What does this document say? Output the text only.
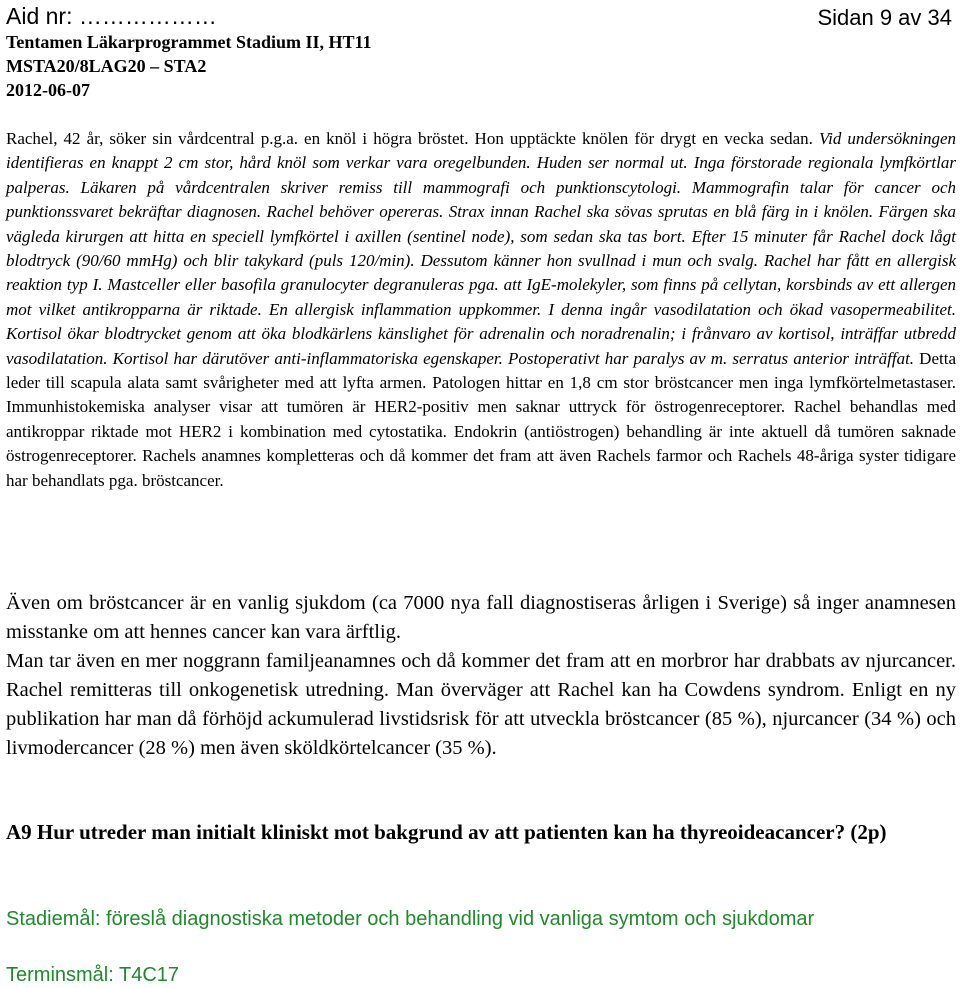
Aid nr: ………………	Sidan 9 av 34
Tentamen Läkarprogrammet Stadium II, HT11
MSTA20/8LAG20 – STA2
2012-06-07

Rachel, 42 år, söker sin vårdcentral p.g.a. en knöl i högra bröstet. Hon upptäckte knölen för drygt en vecka sedan. Vid undersökningen identifieras en knappt 2 cm stor, hård knöl som verkar vara oregelbunden. Huden ser normal ut. Inga förstorade regionala lymfkörtlar palperas. Läkaren på vårdcentralen skriver remiss till mammografi och punktionscytologi. Mammografin talar för cancer och punktionssvaret bekräftar diagnosen. Rachel behöver opereras. Strax innan Rachel ska sövas sprutas en blå färg in i knölen. Färgen ska vägleda kirurgen att hitta en speciell lymfkörtel i axillen (sentinel node), som sedan ska tas bort. Efter 15 minuter får Rachel dock lågt blodtryck (90/60 mmHg) och blir takykard (puls 120/min). Dessutom känner hon svullnad i mun och svalg. Rachel har fått en allergisk reaktion typ I. Mastceller eller basofila granulocyter degranuleras pga. att IgE-molekyler, som finns på cellytan, korsbinds av ett allergen mot vilket antikropparna är riktade. En allergisk inflammation uppkommer. I denna ingår vasodilatation och ökad vasopermeabilitet. Kortisol ökar blodtrycket genom att öka blodkärlens känslighet för adrenalin och noradrenalin; i frånvaro av kortisol, inträffar utbredd vasodilatation. Kortisol har därutöver anti-inflammatoriska egenskaper. Postoperativt har paralys av m. serratus anterior inträffat. Detta leder till scapula alata samt svårigheter med att lyfta armen. Patologen hittar en 1,8 cm stor bröstcancer men inga lymfkörtelmetastaser. Immunhistokemiska analyser visar att tumören är HER2-positiv men saknar uttryck för östrogenreceptorer. Rachel behandlas med antikroppar riktade mot HER2 i kombination med cytostatika. Endokrin (antiöstrogen) behandling är inte aktuell då tumören saknade östrogenreceptorer. Rachels anamnes kompletteras och då kommer det fram att även Rachels farmor och Rachels 48-åriga syster tidigare har behandlats pga. bröstcancer.

Även om bröstcancer är en vanlig sjukdom (ca 7000 nya fall diagnostiseras årligen i Sverige) så inger anamnesen misstanke om att hennes cancer kan vara ärftlig.
Man tar även en mer noggrann familjeanamnes och då kommer det fram att en morbror har drabbats av njurcancer. Rachel remitteras till onkogenetisk utredning. Man överväger att Rachel kan ha Cowdens syndrom. Enligt en ny publikation har man då förhöjd ackumulerad livstidsrisk för att utveckla bröstcancer (85 %), njurcancer (34 %) och livmodercancer (28 %) men även sköldkörtelcancer (35 %).

A9 Hur utreder man initialt kliniskt mot bakgrund av att patienten kan ha thyreoideacancer? (2p)

Stadiemål: föreslå diagnostiska metoder och behandling vid vanliga symtom och sjukdomar
Terminsmål: T4C17
